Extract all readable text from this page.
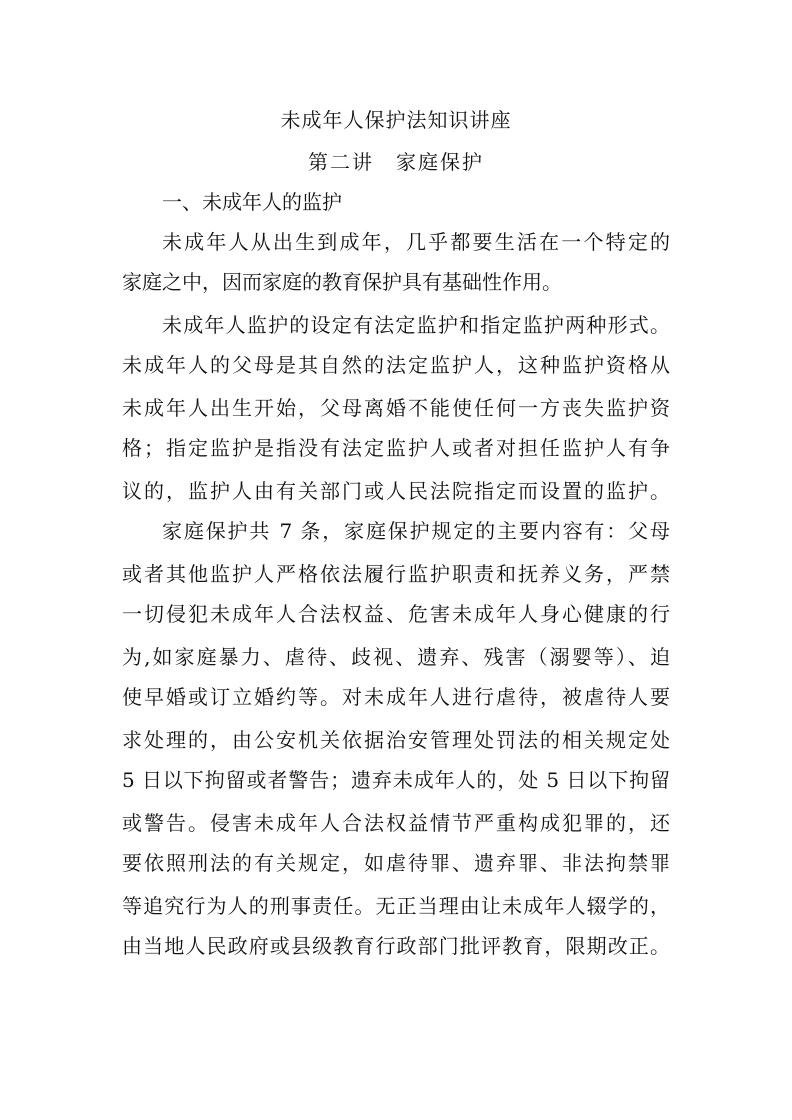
未成年人保护法知识讲座
第二讲　家庭保护
一、未成年人的监护
未成年人从出生到成年，几乎都要生活在一个特定的
家庭之中，因而家庭的教育保护具有基础性作用。
未成年人监护的设定有法定监护和指定监护两种形式。
未成年人的父母是其自然的法定监护人，这种监护资格从
未成年人出生开始，父母离婚不能使任何一方丧失监护资
格；指定监护是指没有法定监护人或者对担任监护人有争
议的，监护人由有关部门或人民法院指定而设置的监护。
家庭保护共 7 条，家庭保护规定的主要内容有：父母
或者其他监护人严格依法履行监护职责和抚养义务，严禁
一切侵犯未成年人合法权益、危害未成年人身心健康的行
为,如家庭暴力、虐待、歧视、遗弃、残害（溺婴等）、迫
使早婚或订立婚约等。对未成年人进行虐待，被虐待人要
求处理的，由公安机关依据治安管理处罚法的相关规定处
5 日以下拘留或者警告；遗弃未成年人的，处 5 日以下拘留
或警告。侵害未成年人合法权益情节严重构成犯罪的，还
要依照刑法的有关规定，如虐待罪、遗弃罪、非法拘禁罪
等追究行为人的刑事责任。无正当理由让未成年人辍学的，
由当地人民政府或县级教育行政部门批评教育，限期改正。
